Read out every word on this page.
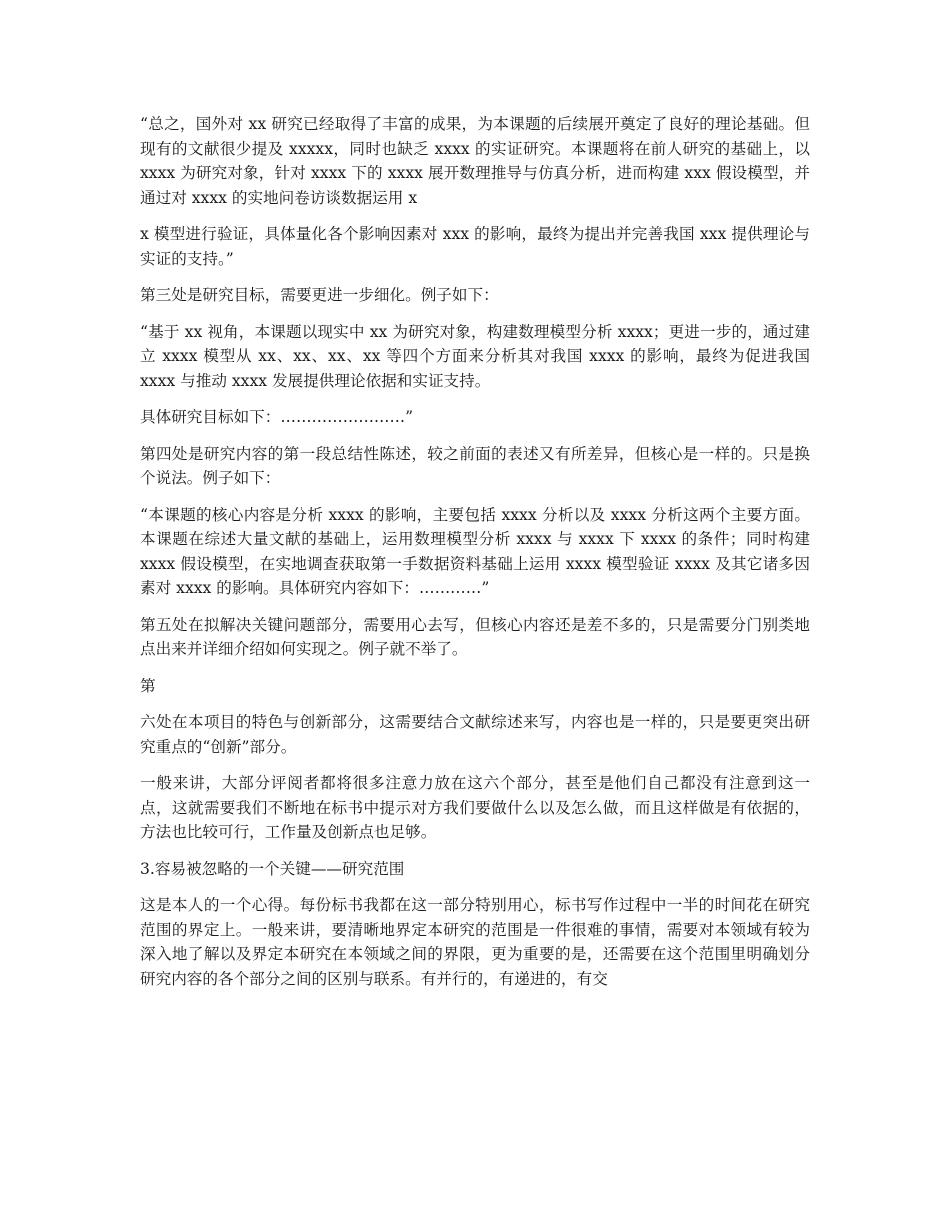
“总之，国外对 xx 研究已经取得了丰富的成果，为本课题的后续展开奠定了良好的理论基础。但现有的文献很少提及 xxxxx，同时也缺乏 xxxx 的实证研究。本课题将在前人研究的基础上，以 xxxx 为研究对象，针对 xxxx 下的 xxxx 展开数理推导与仿真分析，进而构建 xxx 假设模型，并通过对 xxxx 的实地问卷访谈数据运用 x

x 模型进行验证，具体量化各个影响因素对 xxx 的影响，最终为提出并完善我国 xxx 提供理论与实证的支持。”

第三处是研究目标，需要更进一步细化。例子如下：

“基于 xx 视角，本课题以现实中 xx 为研究对象，构建数理模型分析 xxxx；更进一步的，通过建立 xxxx 模型从 xx、xx、xx、xx 等四个方面来分析其对我国 xxxx 的影响，最终为促进我国 xxxx 与推动 xxxx 发展提供理论依据和实证支持。

具体研究目标如下：……………………”

第四处是研究内容的第一段总结性陈述，较之前面的表述又有所差异，但核心是一样的。只是换个说法。例子如下：

“本课题的核心内容是分析 xxxx 的影响，主要包括 xxxx 分析以及 xxxx 分析这两个主要方面。本课题在综述大量文献的基础上，运用数理模型分析 xxxx 与 xxxx 下 xxxx 的条件；同时构建 xxxx 假设模型，在实地调查获取第一手数据资料基础上运用 xxxx 模型验证 xxxx 及其它诸多因素对 xxxx 的影响。具体研究内容如下：…………”

第五处在拟解决关键问题部分，需要用心去写，但核心内容还是差不多的，只是需要分门别类地点出来并详细介绍如何实现之。例子就不举了。

第

六处在本项目的特色与创新部分，这需要结合文献综述来写，内容也是一样的，只是要更突出研究重点的“创新”部分。

一般来讲，大部分评阅者都将很多注意力放在这六个部分，甚至是他们自己都没有注意到这一点，这就需要我们不断地在标书中提示对方我们要做什么以及怎么做，而且这样做是有依据的，方法也比较可行，工作量及创新点也足够。

3.容易被忽略的一个关键——研究范围

这是本人的一个心得。每份标书我都在这一部分特别用心，标书写作过程中一半的时间花在研究范围的界定上。一般来讲，要清晰地界定本研究的范围是一件很难的事情，需要对本领域有较为深入地了解以及界定本研究在本领域之间的界限，更为重要的是，还需要在这个范围里明确划分研究内容的各个部分之间的区别与联系。有并行的，有递进的，有交
